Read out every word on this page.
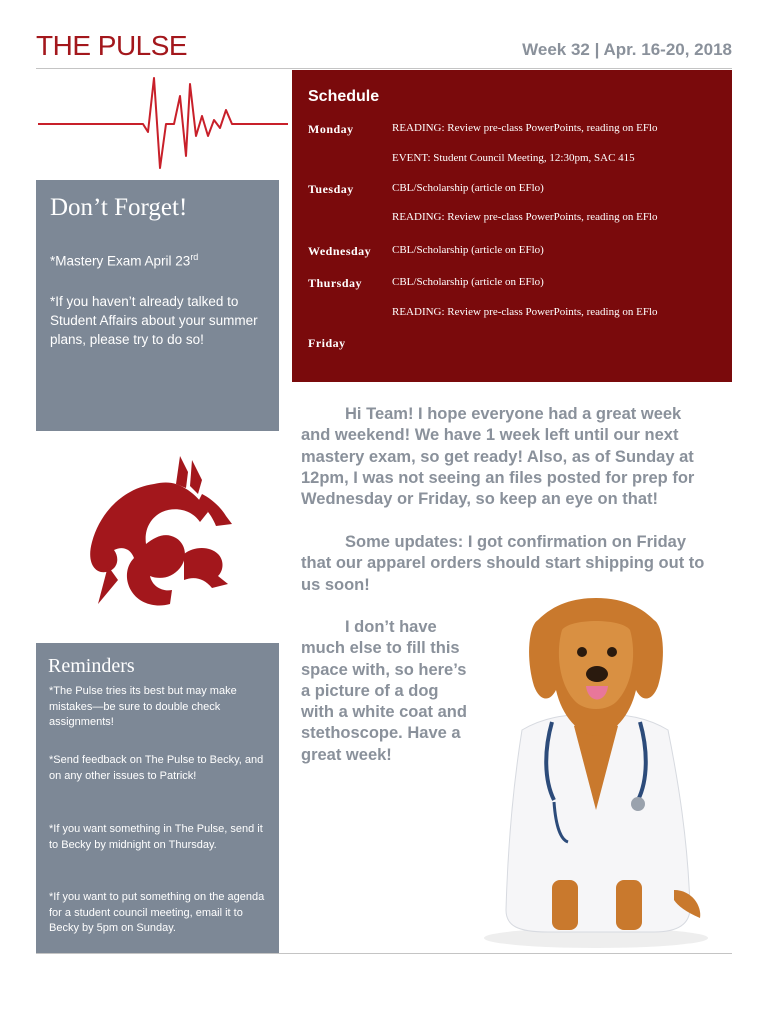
THE PULSE	Week 32 | Apr. 16-20, 2018
Schedule
Monday	READING: Review pre-class PowerPoints, reading on EFlo
EVENT: Student Council Meeting, 12:30pm, SAC 415
Tuesday	CBL/Scholarship (article on EFlo)
READING: Review pre-class PowerPoints, reading on EFlo
Wednesday CBL/Scholarship (article on EFlo)
Thursday	CBL/Scholarship (article on EFlo)
READING: Review pre-class PowerPoints, reading on EFlo
Friday
Don’t Forget!
*Mastery Exam April 23rd
*If you haven’t already talked to Student Affairs about your summer plans, please try to do so!
Reminders
*The Pulse tries its best but may make mistakes—be sure to double check assignments!
*Send feedback on The Pulse to Becky, and on any other issues to Patrick!
*If you want something in The Pulse, send it to Becky by midnight on Thursday.
*If you want to put something on the agenda for a student council meeting, email it to Becky by 5pm on Sunday.
Hi Team! I hope everyone had a great week and weekend! We have 1 week left until our next mastery exam, so get ready! Also, as of Sunday at 12pm, I was not seeing an files posted for prep for Wednesday or Friday, so keep an eye on that!
Some updates: I got confirmation on Friday that our apparel orders should start shipping out to us soon!
I don’t have much else to fill this space with, so here’s a picture of a dog with a white coat and stethoscope. Have a great week!
